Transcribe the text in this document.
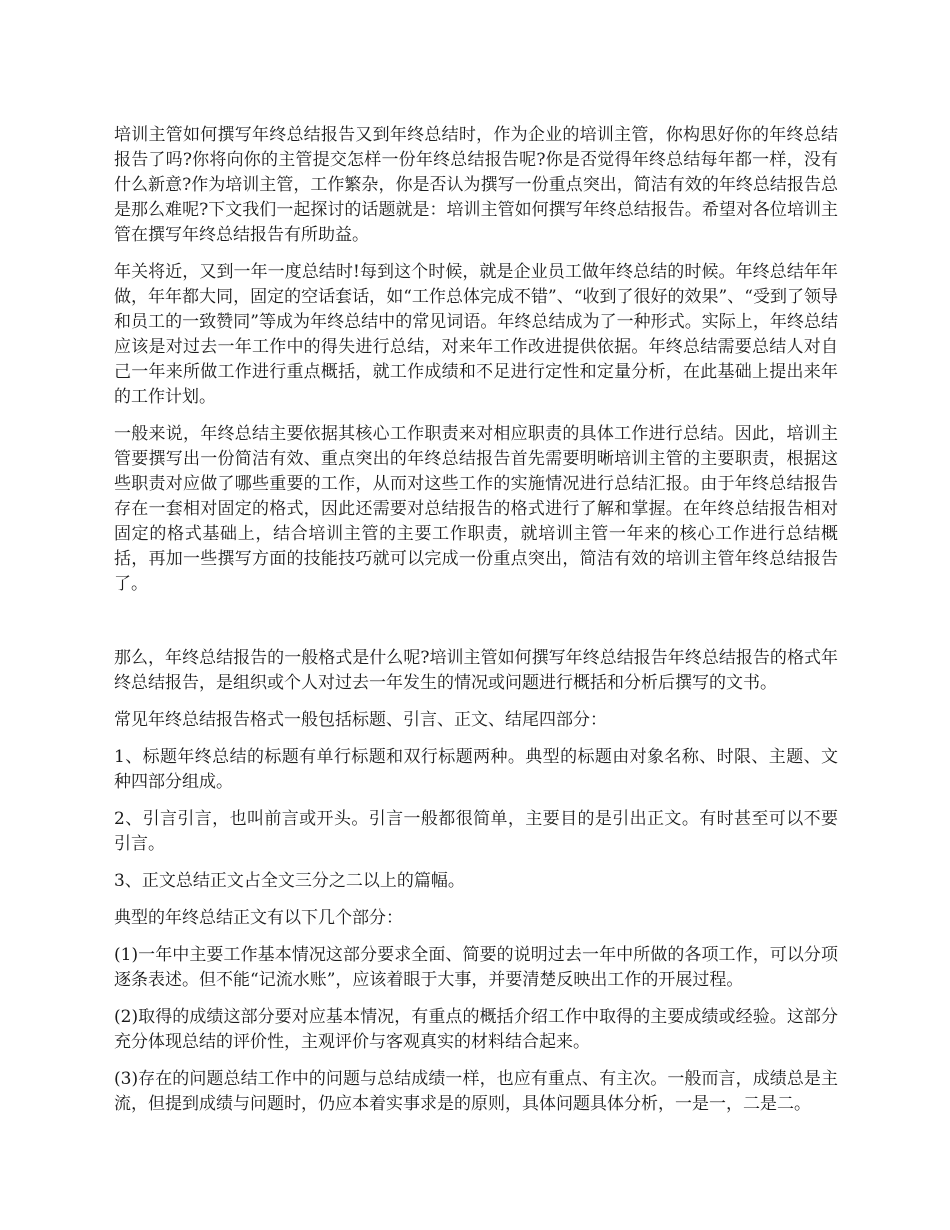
培训主管如何撰写年终总结报告又到年终总结时，作为企业的培训主管，你构思好你的年终总结报告了吗?你将向你的主管提交怎样一份年终总结报告呢?你是否觉得年终总结每年都一样，没有什么新意?作为培训主管，工作繁杂，你是否认为撰写一份重点突出，简洁有效的年终总结报告总是那么难呢?下文我们一起探讨的话题就是：培训主管如何撰写年终总结报告。希望对各位培训主管在撰写年终总结报告有所助益。

年关将近，又到一年一度总结时!每到这个时候，就是企业员工做年终总结的时候。年终总结年年做，年年都大同，固定的空话套话，如“工作总体完成不错”、“收到了很好的效果”、“受到了领导和员工的一致赞同”等成为年终总结中的常见词语。年终总结成为了一种形式。实际上，年终总结应该是对过去一年工作中的得失进行总结，对来年工作改进提供依据。年终总结需要总结人对自己一年来所做工作进行重点概括，就工作成绩和不足进行定性和定量分析，在此基础上提出来年的工作计划。

一般来说，年终总结主要依据其核心工作职责来对相应职责的具体工作进行总结。因此，培训主管要撰写出一份简洁有效、重点突出的年终总结报告首先需要明晰培训主管的主要职责，根据这些职责对应做了哪些重要的工作，从而对这些工作的实施情况进行总结汇报。由于年终总结报告存在一套相对固定的格式，因此还需要对总结报告的格式进行了解和掌握。在年终总结报告相对固定的格式基础上，结合培训主管的主要工作职责，就培训主管一年来的核心工作进行总结概括，再加一些撰写方面的技能技巧就可以完成一份重点突出，简洁有效的培训主管年终总结报告了。

那么，年终总结报告的一般格式是什么呢?培训主管如何撰写年终总结报告年终总结报告的格式年终总结报告，是组织或个人对过去一年发生的情况或问题进行概括和分析后撰写的文书。

常见年终总结报告格式一般包括标题、引言、正文、结尾四部分：

1、标题年终总结的标题有单行标题和双行标题两种。典型的标题由对象名称、时限、主题、文种四部分组成。

2、引言引言，也叫前言或开头。引言一般都很简单，主要目的是引出正文。有时甚至可以不要引言。

3、正文总结正文占全文三分之二以上的篇幅。

典型的年终总结正文有以下几个部分：

(1)一年中主要工作基本情况这部分要求全面、简要的说明过去一年中所做的各项工作，可以分项逐条表述。但不能“记流水账”，应该着眼于大事，并要清楚反映出工作的开展过程。

(2)取得的成绩这部分要对应基本情况，有重点的概括介绍工作中取得的主要成绩或经验。这部分充分体现总结的评价性，主观评价与客观真实的材料结合起来。

(3)存在的问题总结工作中的问题与总结成绩一样，也应有重点、有主次。一般而言，成绩总是主流，但提到成绩与问题时，仍应本着实事求是的原则，具体问题具体分析，一是一，二是二。
